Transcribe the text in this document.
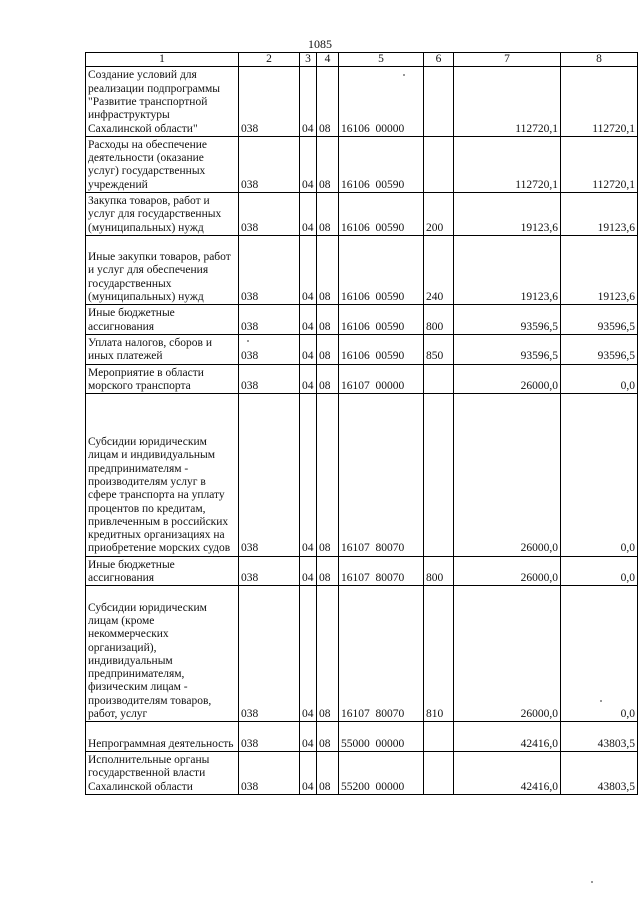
1085
1	2	3	4	5	6	7	8
Создание условий для реализации подпрограммы "Развитие транспортной инфраструктуры Сахалинской области"	038	04	08	16106  00000		112720,1	112720,1
Расходы на обеспечение деятельности (оказание услуг) государственных учреждений	038	04	08	16106  00590		112720,1	112720,1
Закупка товаров, работ и услуг для государственных (муниципальных) нужд	038	04	08	16106  00590	200	19123,6	19123,6
Иные закупки товаров, работ и услуг для обеспечения государственных (муниципальных) нужд	038	04	08	16106  00590	240	19123,6	19123,6
Иные бюджетные ассигнования	038	04	08	16106  00590	800	93596,5	93596,5
Уплата налогов, сборов и иных платежей	038	04	08	16106  00590	850	93596,5	93596,5
Мероприятие в области морского транспорта	038	04	08	16107  00000		26000,0	0,0
Субсидии юридическим лицам и индивидуальным предпринимателям - производителям услуг в сфере транспорта на уплату процентов по кредитам, привлеченным в российских кредитных организациях на приобретение морских судов	038	04	08	16107  80070		26000,0	0,0
Иные бюджетные ассигнования	038	04	08	16107  80070	800	26000,0	0,0
Субсидии юридическим лицам (кроме некоммерческих организаций), индивидуальным предпринимателям, физическим лицам - производителям товаров, работ, услуг	038	04	08	16107  80070	810	26000,0	0,0
Непрограммная деятельность	038	04	08	55000  00000		42416,0	43803,5
Исполнительные органы государственной власти Сахалинской области	038	04	08	55200  00000		42416,0	43803,5
